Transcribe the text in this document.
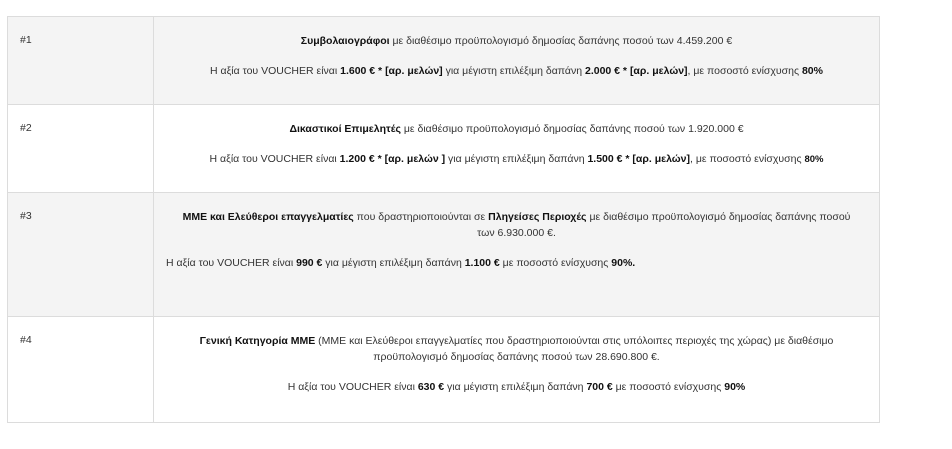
#1	Συμβολαιογράφοι με διαθέσιμο προϋπολογισμό δημοσίας δαπάνης ποσού των 4.459.200 €

Η αξία του VOUCHER είναι 1.600 € * [αρ. μελών] για μέγιστη επιλέξιμη δαπάνη 2.000 € * [αρ. μελών], με ποσοστό ενίσχυσης 80%

#2	Δικαστικοί Επιμελητές με διαθέσιμο προϋπολογισμό δημοσίας δαπάνης ποσού των 1.920.000 €

Η αξία του VOUCHER είναι 1.200 € * [αρ. μελών ] για μέγιστη επιλέξιμη δαπάνη 1.500 € * [αρ. μελών], με ποσοστό ενίσχυσης 80%

#3	ΜΜΕ και Ελεύθεροι επαγγελματίες που δραστηριοποιούνται σε Πληγείσες Περιοχές με διαθέσιμο προϋπολογισμό δημοσίας δαπάνης ποσού των 6.930.000 €.

Η αξία του VOUCHER είναι 990 € για μέγιστη επιλέξιμη δαπάνη 1.100 € με ποσοστό ενίσχυσης 90%.

#4	Γενική Κατηγορία ΜΜΕ (ΜΜΕ και Ελεύθεροι επαγγελματίες που δραστηριοποιούνται στις υπόλοιπες περιοχές της χώρας) με διαθέσιμο προϋπολογισμό δημοσίας δαπάνης ποσού των 28.690.800 €.

Η αξία του VOUCHER είναι 630 € για μέγιστη επιλέξιμη δαπάνη 700 € με ποσοστό ενίσχυσης 90%
